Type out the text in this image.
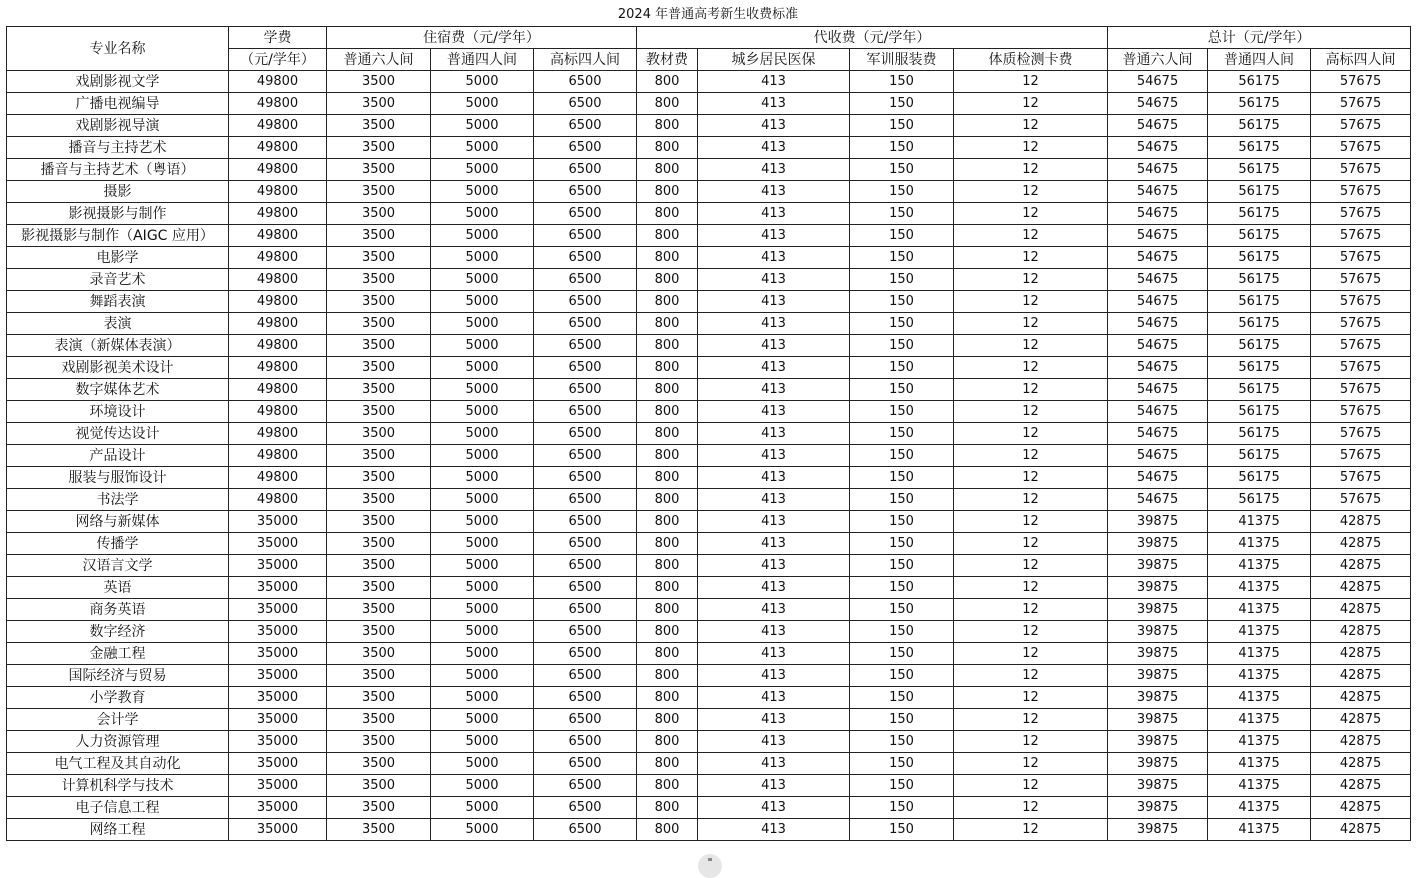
2024 年普通高考新生收费标准
专业名称	学费	住宿费（元/学年）			代收费（元/学年）				总计（元/学年）		
	（元/学年）	普通六人间	普通四人间	高标四人间	教材费	城乡居民医保	军训服装费	体质检测卡费	普通六人间	普通四人间	高标四人间
戏剧影视文学	49800	3500	5000	6500	800	413	150	12	54675	56175	57675
广播电视编导	49800	3500	5000	6500	800	413	150	12	54675	56175	57675
戏剧影视导演	49800	3500	5000	6500	800	413	150	12	54675	56175	57675
播音与主持艺术	49800	3500	5000	6500	800	413	150	12	54675	56175	57675
播音与主持艺术（粤语）	49800	3500	5000	6500	800	413	150	12	54675	56175	57675
摄影	49800	3500	5000	6500	800	413	150	12	54675	56175	57675
影视摄影与制作	49800	3500	5000	6500	800	413	150	12	54675	56175	57675
影视摄影与制作（AIGC 应用）	49800	3500	5000	6500	800	413	150	12	54675	56175	57675
电影学	49800	3500	5000	6500	800	413	150	12	54675	56175	57675
录音艺术	49800	3500	5000	6500	800	413	150	12	54675	56175	57675
舞蹈表演	49800	3500	5000	6500	800	413	150	12	54675	56175	57675
表演	49800	3500	5000	6500	800	413	150	12	54675	56175	57675
表演（新媒体表演）	49800	3500	5000	6500	800	413	150	12	54675	56175	57675
戏剧影视美术设计	49800	3500	5000	6500	800	413	150	12	54675	56175	57675
数字媒体艺术	49800	3500	5000	6500	800	413	150	12	54675	56175	57675
环境设计	49800	3500	5000	6500	800	413	150	12	54675	56175	57675
视觉传达设计	49800	3500	5000	6500	800	413	150	12	54675	56175	57675
产品设计	49800	3500	5000	6500	800	413	150	12	54675	56175	57675
服装与服饰设计	49800	3500	5000	6500	800	413	150	12	54675	56175	57675
书法学	49800	3500	5000	6500	800	413	150	12	54675	56175	57675
网络与新媒体	35000	3500	5000	6500	800	413	150	12	39875	41375	42875
传播学	35000	3500	5000	6500	800	413	150	12	39875	41375	42875
汉语言文学	35000	3500	5000	6500	800	413	150	12	39875	41375	42875
英语	35000	3500	5000	6500	800	413	150	12	39875	41375	42875
商务英语	35000	3500	5000	6500	800	413	150	12	39875	41375	42875
数字经济	35000	3500	5000	6500	800	413	150	12	39875	41375	42875
金融工程	35000	3500	5000	6500	800	413	150	12	39875	41375	42875
国际经济与贸易	35000	3500	5000	6500	800	413	150	12	39875	41375	42875
小学教育	35000	3500	5000	6500	800	413	150	12	39875	41375	42875
会计学	35000	3500	5000	6500	800	413	150	12	39875	41375	42875
人力资源管理	35000	3500	5000	6500	800	413	150	12	39875	41375	42875
电气工程及其自动化	35000	3500	5000	6500	800	413	150	12	39875	41375	42875
计算机科学与技术	35000	3500	5000	6500	800	413	150	12	39875	41375	42875
电子信息工程	35000	3500	5000	6500	800	413	150	12	39875	41375	42875
网络工程	35000	3500	5000	6500	800	413	150	12	39875	41375	42875
